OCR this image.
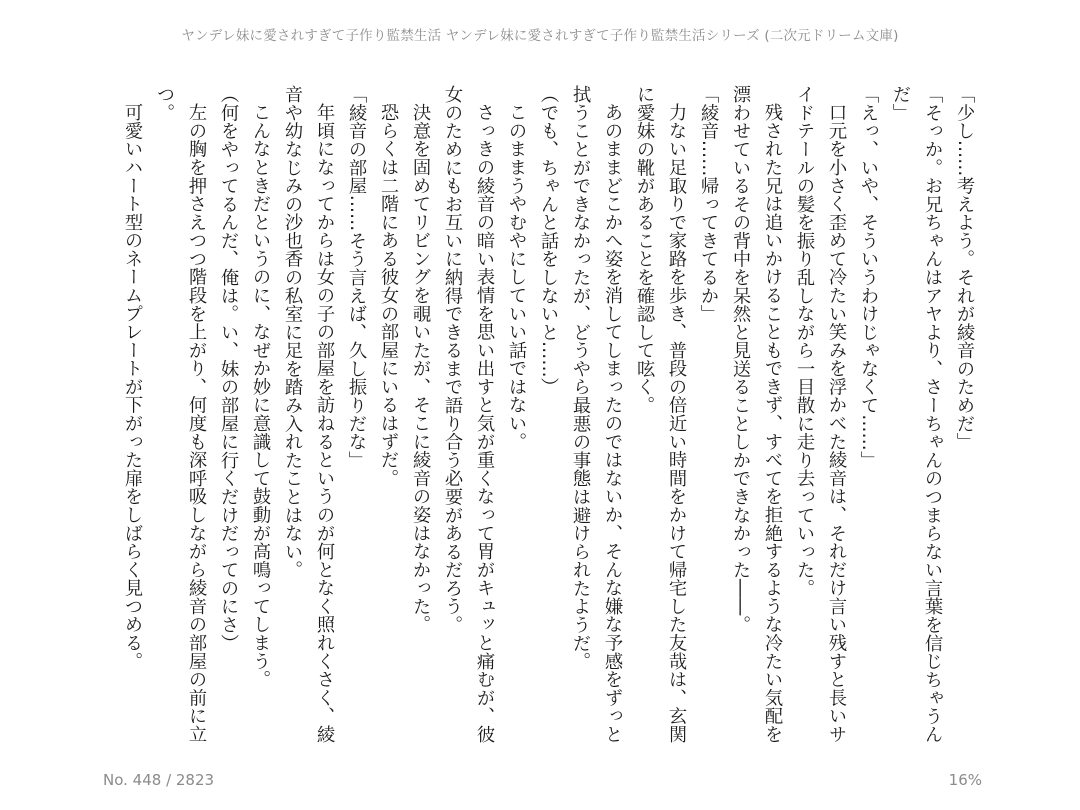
ヤンデレ妹に愛されすぎて子作り監禁生活 ヤンデレ妹に愛されすぎて子作り監禁生活シリーズ (二次元ドリーム文庫)

「少し……考えよう。それが綾音のためだ」

「そっか。お兄ちゃんはアヤより、さーちゃんのつまらない言葉を信じちゃうんだ」

「えっ、いや、そういうわけじゃなくて……」

口元を小さく歪めて冷たい笑みを浮かべた綾音は、それだけ言い残すと長いサイドテールの髪を振り乱しながら一目散に走り去っていった。

残された兄は追いかけることもできず、すべてを拒絶するような冷たい気配を漂わせているその背中を呆然と見送ることしかできなかった――。

「綾音……帰ってきてるか」

力ない足取りで家路を歩き、普段の倍近い時間をかけて帰宅した友哉は、玄関に愛妹の靴があることを確認して呟く。

あのままどこかへ姿を消してしまったのではないか、そんな嫌な予感をずっと拭うことができなかったが、どうやら最悪の事態は避けられたようだ。

（でも、ちゃんと話をしないと……）

このままうやむやにしていい話ではない。

さっきの綾音の暗い表情を思い出すと気が重くなって胃がキュッと痛むが、彼女のためにもお互いに納得できるまで語り合う必要があるだろう。

決意を固めてリビングを覗いたが、そこに綾音の姿はなかった。

恐らくは二階にある彼女の部屋にいるはずだ。

「綾音の部屋……そう言えば、久し振りだな」

年頃になってからは女の子の部屋を訪ねるというのが何となく照れくさく、綾音や幼なじみの沙也香の私室に足を踏み入れたことはない。

こんなときだというのに、なぜか妙に意識して鼓動が高鳴ってしまう。

（何をやってるんだ、俺は。い、妹の部屋に行くだけだってのにさ）

左の胸を押さえつつ階段を上がり、何度も深呼吸しながら綾音の部屋の前に立つ。

可愛いハート型のネームプレートが下がった扉をしばらく見つめる。

No. 448 / 2823	16%
